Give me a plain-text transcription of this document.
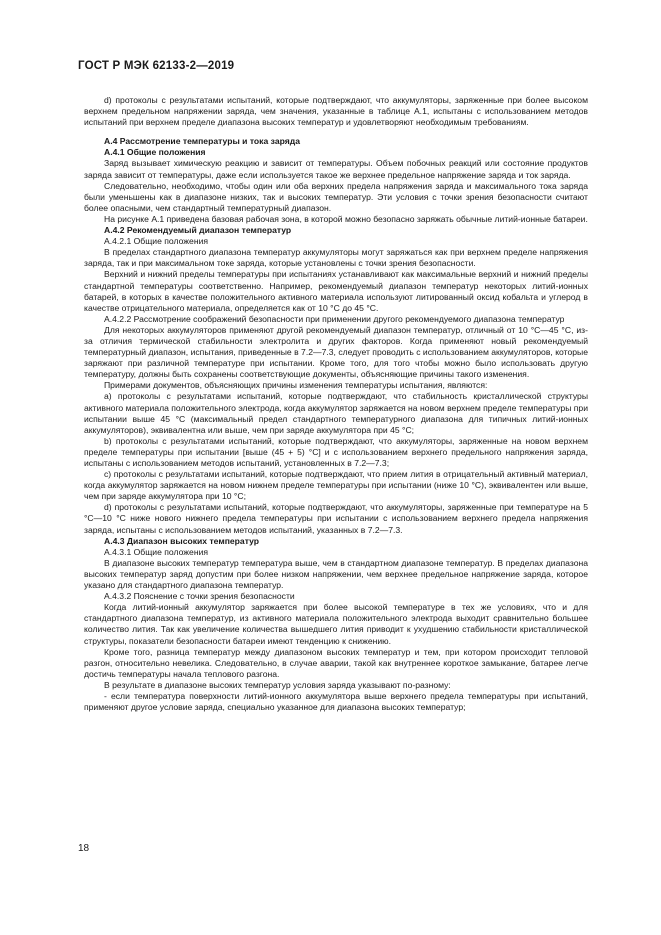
ГОСТ Р МЭК 62133-2—2019

d) протоколы с результатами испытаний, которые подтверждают, что аккумуляторы, заряженные при более высоком верхнем предельном напряжении заряда, чем значения, указанные в таблице А.1, испытаны с использованием методов испытаний при верхнем пределе диапазона высоких температур и удовлетворяют необходимым требованиям.

А.4 Рассмотрение температуры и тока заряда

А.4.1 Общие положения

Заряд вызывает химическую реакцию и зависит от температуры. Объем побочных реакций или состояние продуктов заряда зависит от температуры, даже если используется такое же верхнее предельное напряжение заряда и ток заряда.

Следовательно, необходимо, чтобы один или оба верхних предела напряжения заряда и максимального тока заряда были уменьшены как в диапазоне низких, так и высоких температур. Эти условия с точки зрения безопасности считают более опасными, чем стандартный температурный диапазон.

На рисунке А.1 приведена базовая рабочая зона, в которой можно безопасно заряжать обычные литий-ионные батареи.

А.4.2 Рекомендуемый диапазон температур

А.4.2.1 Общие положения

В пределах стандартного диапазона температур аккумуляторы могут заряжаться как при верхнем пределе напряжения заряда, так и при максимальном токе заряда, которые установлены с точки зрения безопасности.

Верхний и нижний пределы температуры при испытаниях устанавливают как максимальные верхний и нижний пределы стандартной температуры соответственно. Например, рекомендуемый диапазон температур некоторых литий-ионных батарей, в которых в качестве положительного активного материала используют литированный оксид кобальта и углерод в качестве отрицательного материала, определяется как от 10 °С до 45 °С.

А.4.2.2 Рассмотрение соображений безопасности при применении другого рекомендуемого диапазона температур

Для некоторых аккумуляторов применяют другой рекомендуемый диапазон температур, отличный от 10 °С—45 °С, из-за отличия термической стабильности электролита и других факторов. Когда применяют новый рекомендуемый температурный диапазон, испытания, приведенные в 7.2—7.3, следует проводить с использованием аккумуляторов, которые заряжают при различной температуре при испытании. Кроме того, для того чтобы можно было использовать другую температуру, должны быть сохранены соответствующие документы, объясняющие причины такого изменения.

Примерами документов, объясняющих причины изменения температуры испытания, являются:

а) протоколы с результатами испытаний, которые подтверждают, что стабильность кристаллической структуры активного материала положительного электрода, когда аккумулятор заряжается на новом верхнем пределе температуры при испытании выше 45 °С (максимальный предел стандартного температурного диапазона для типичных литий-ионных аккумуляторов), эквивалентна или выше, чем при заряде аккумулятора при 45 °С;

b) протоколы с результатами испытаний, которые подтверждают, что аккумуляторы, заряженные на новом верхнем пределе температуры при испытании [выше (45 + 5) °С] и с использованием верхнего предельного напряжения заряда, испытаны с использованием методов испытаний, установленных в 7.2—7.3;

с) протоколы с результатами испытаний, которые подтверждают, что прием лития в отрицательный активный материал, когда аккумулятор заряжается на новом нижнем пределе температуры при испытании (ниже 10 °С), эквивалентен или выше, чем при заряде аккумулятора при 10 °С;

d) протоколы с результатами испытаний, которые подтверждают, что аккумуляторы, заряженные при температуре на 5 °С—10 °С ниже нового нижнего предела температуры при испытании с использованием верхнего предела напряжения заряда, испытаны с использованием методов испытаний, указанных в 7.2—7.3.

А.4.3 Диапазон высоких температур

А.4.3.1 Общие положения

В диапазоне высоких температур температура выше, чем в стандартном диапазоне температур. В пределах диапазона высоких температур заряд допустим при более низком напряжении, чем верхнее предельное напряжение заряда, которое указано для стандартного диапазона температур.

А.4.3.2 Пояснение с точки зрения безопасности

Когда литий-ионный аккумулятор заряжается при более высокой температуре в тех же условиях, что и для стандартного диапазона температур, из активного материала положительного электрода выходит сравнительно большее количество лития. Так как увеличение количества вышедшего лития приводит к ухудшению стабильности кристаллической структуры, показатели безопасности батареи имеют тенденцию к снижению.

Кроме того, разница температур между диапазоном высоких температур и тем, при котором происходит тепловой разгон, относительно невелика. Следовательно, в случае аварии, такой как внутреннее короткое замыкание, батарее легче достичь температуры начала теплового разгона.

В результате в диапазоне высоких температур условия заряда указывают по-разному:

- если температура поверхности литий-ионного аккумулятора выше верхнего предела температуры при испытаний, применяют другое условие заряда, специально указанное для диапазона высоких температур;

18
